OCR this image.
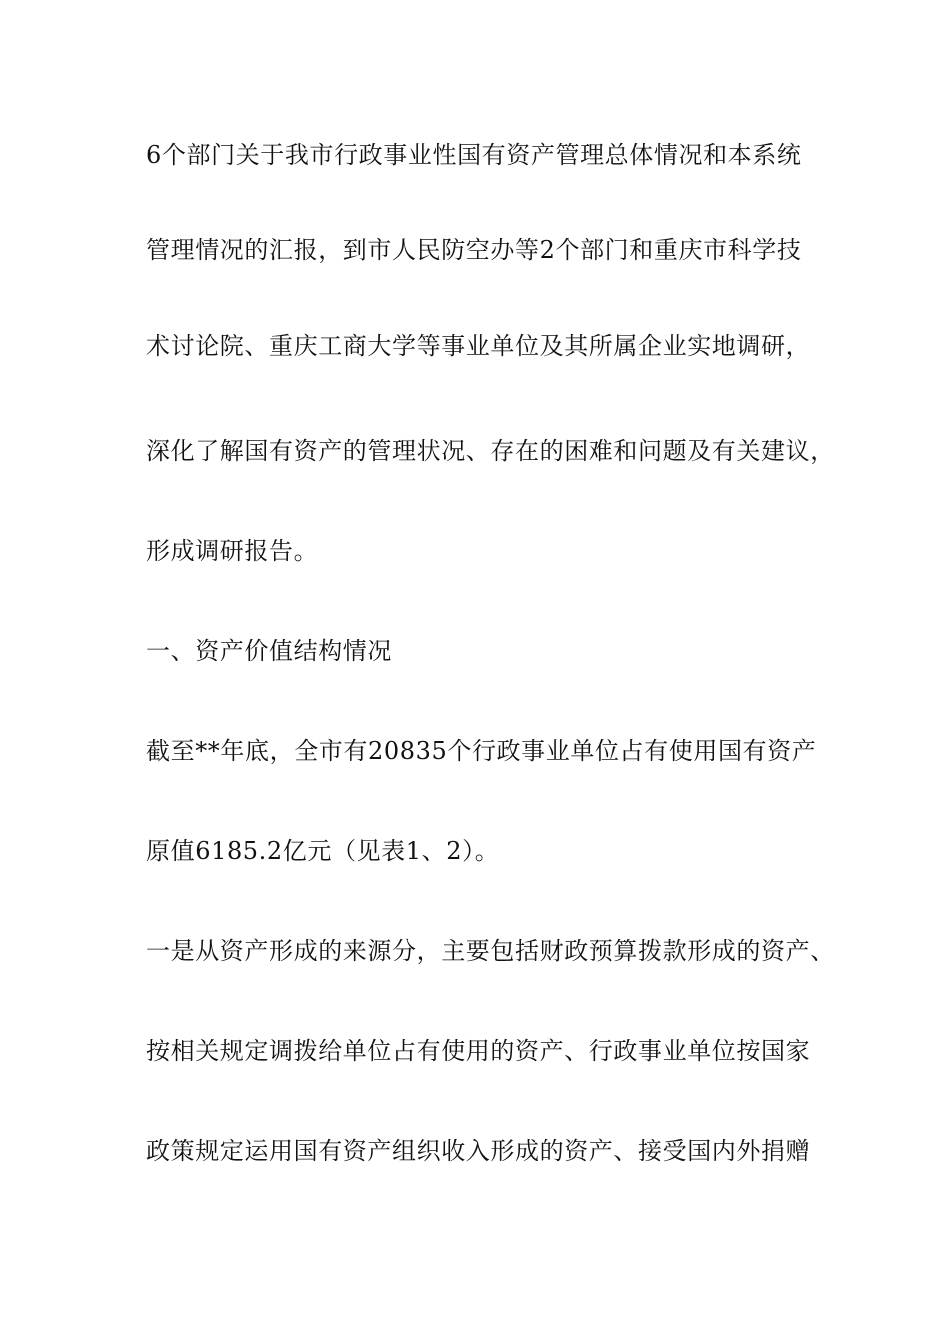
6个部门关于我市行政事业性国有资产管理总体情况和本系统

管理情况的汇报，到市人民防空办等2个部门和重庆市科学技

术讨论院、重庆工商大学等事业单位及其所属企业实地调研，

深化了解国有资产的管理状况、存在的困难和问题及有关建议，

形成调研报告。

一、资产价值结构情况

截至**年底，全市有20835个行政事业单位占有使用国有资产

原值6185.2亿元（见表1、2）。

一是从资产形成的来源分，主要包括财政预算拨款形成的资产、

按相关规定调拨给单位占有使用的资产、行政事业单位按国家

政策规定运用国有资产组织收入形成的资产、接受国内外捐赠
